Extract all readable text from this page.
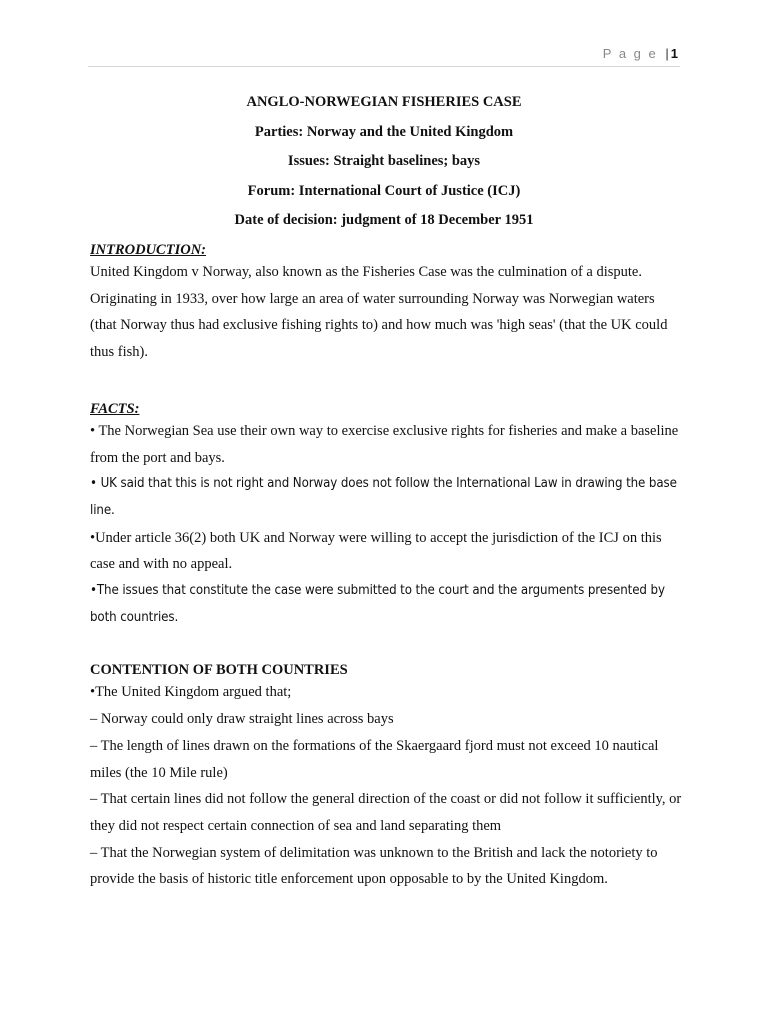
P a g e | 1
ANGLO-NORWEGIAN FISHERIES CASE
Parties: Norway and the United Kingdom
Issues: Straight baselines; bays
Forum: International Court of Justice (ICJ)
Date of decision: judgment of 18 December 1951
INTRODUCTION:

United Kingdom v Norway, also known as the Fisheries Case was the culmination of a dispute. Originating in 1933, over how large an area of water surrounding Norway was Norwegian waters (that Norway thus had exclusive fishing rights to) and how much was 'high seas' (that the UK could thus fish).

FACTS:

• The Norwegian Sea use their own way to exercise exclusive rights for fisheries and make a baseline from the port and bays.

• UK said that this is not right and Norway does not follow the International Law in drawing the base line.

•Under article 36(2) both UK and Norway were willing to accept the jurisdiction of the ICJ on this case and with no appeal.

•The issues that constitute the case were submitted to the court and the arguments presented by both countries.

CONTENTION OF BOTH COUNTRIES

•The United Kingdom argued that;

– Norway could only draw straight lines across bays

– The length of lines drawn on the formations of the Skaergaard fjord must not exceed 10 nautical miles (the 10 Mile rule)

– That certain lines did not follow the general direction of the coast or did not follow it sufficiently, or they did not respect certain connection of sea and land separating them

– That the Norwegian system of delimitation was unknown to the British and lack the notoriety to provide the basis of historic title enforcement upon opposable to by the United Kingdom.
